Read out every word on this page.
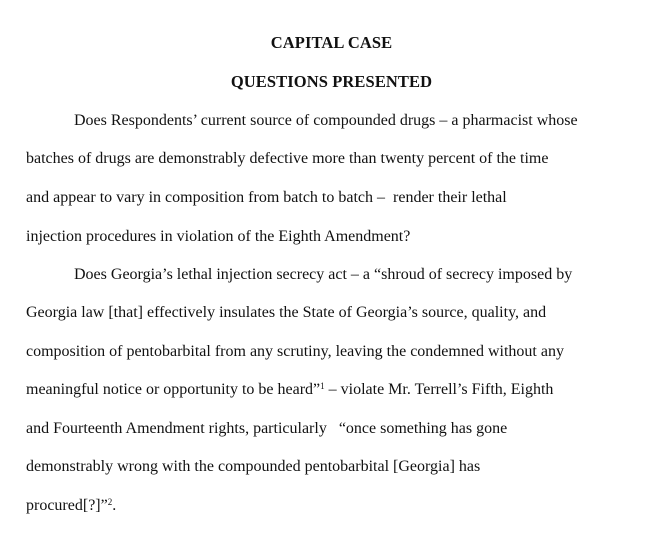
CAPITAL CASE
QUESTIONS PRESENTED
Does Respondents’ current source of compounded drugs – a pharmacist whose
batches of drugs are demonstrably defective more than twenty percent of the time
and appear to vary in composition from batch to batch –  render their lethal
injection procedures in violation of the Eighth Amendment?
Does Georgia’s lethal injection secrecy act – a “shroud of secrecy imposed by
Georgia law [that] effectively insulates the State of Georgia’s source, quality, and
composition of pentobarbital from any scrutiny, leaving the condemned without any
meaningful notice or opportunity to be heard”$^1$ – violate Mr. Terrell’s Fifth, Eighth
and Fourteenth Amendment rights, particularly   “once something has gone
demonstrably wrong with the compounded pentobarbital [Georgia] has
procured[?]”$^2$.
